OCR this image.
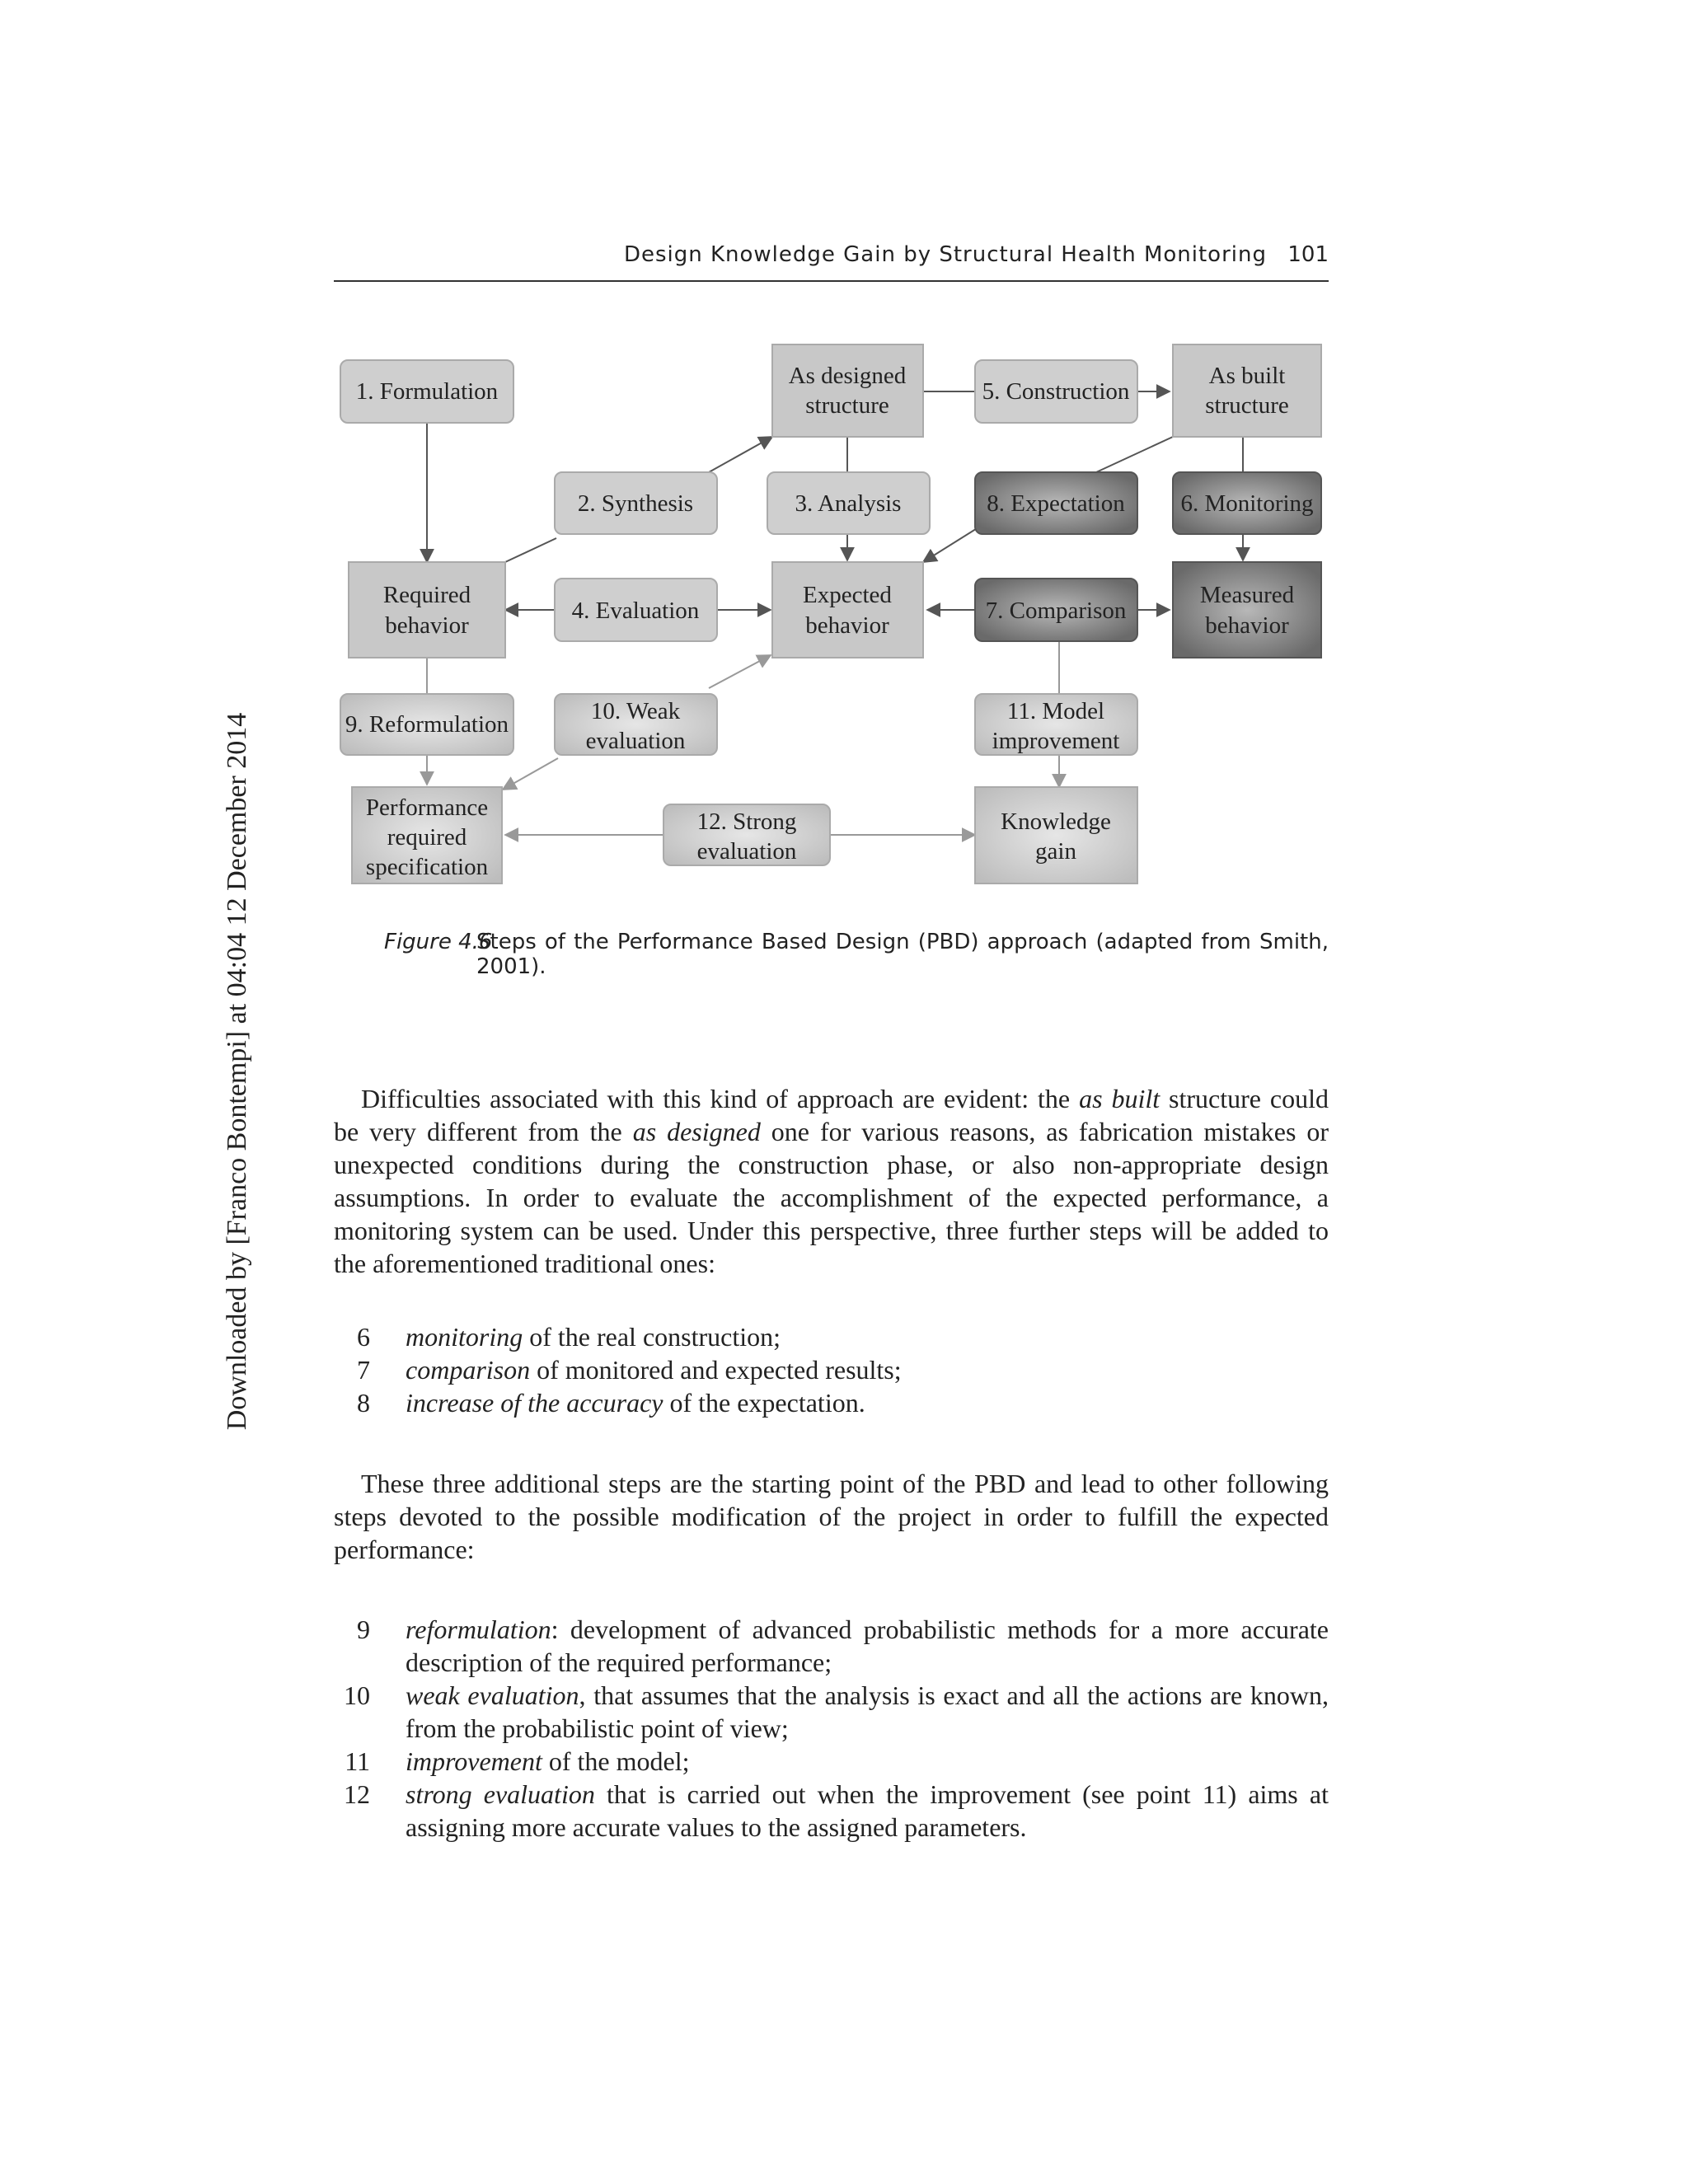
Design Knowledge Gain by Structural Health Monitoring 101
Downloaded by [Franco Bontempi] at 04:04 12 December 2014
1. Formulation
As designed
structure
5. Construction
As built
structure
2. Synthesis	3. Analysis	8. Expectation 6. Monitoring
Required
behavior
4. Evaluation
Expected
behavior
7. Comparison
Measured
behavior
9. Reformulation	10. Weak
evaluation
11. Model
improvement
Performance
required
specification
12. Strong
evaluation
Knowledge
gain
Figure 4.6
Steps of the Performance Based Design (PBD) approach (adapted from Smith, 2001).

Difficulties associated with this kind of approach are evident: the as built structure could be very different from the as designed one for various reasons, as fabrication mistakes or unexpected conditions during the construction phase, or also non-appropriate design assumptions. In order to evaluate the accomplishment of the expected performance, a monitoring system can be used. Under this perspective, three further steps will be added to the aforementioned traditional ones:

6 monitoring of the real construction;
7 comparison of monitored and expected results;
8 increase of the accuracy of the expectation.

These three additional steps are the starting point of the PBD and lead to other following steps devoted to the possible modification of the project in order to fulfill the expected performance:

9 reformulation: development of advanced probabilistic methods for a more accurate description of the required performance;
10 weak evaluation, that assumes that the analysis is exact and all the actions are known, from the probabilistic point of view;
11 improvement of the model;
12 strong evaluation that is carried out when the improvement (see point 11) aims at assigning more accurate values to the assigned parameters.
